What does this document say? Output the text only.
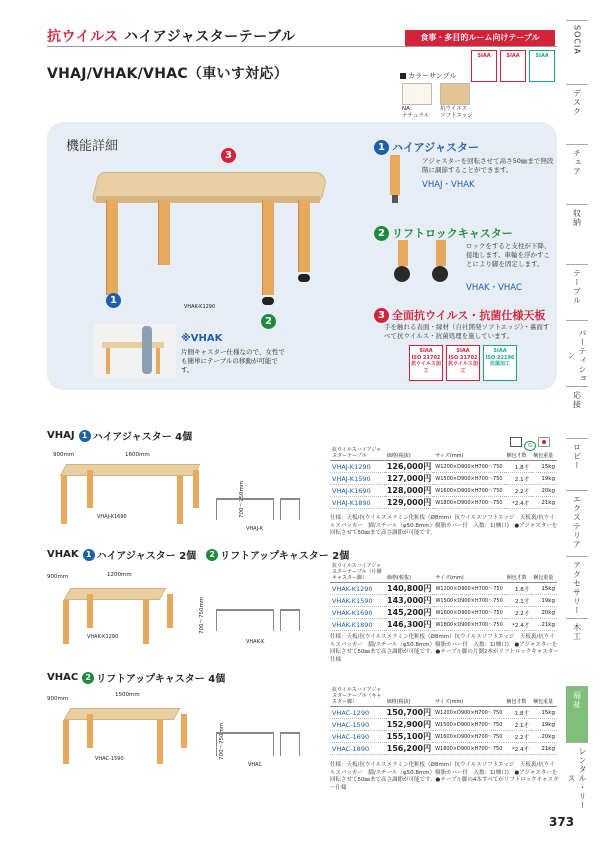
抗ウイルス ハイアジャスターテーブル	食事・多目的ルーム向けテーブル
VHAJ/VHAK/VHAC（車いす対応）	カラーサンプル
NA：
ナチュラル
抗ウイルス
ソフトエッジ
SIAA	SIAA	SIAA
機能詳細
3
1
2
VHAK-K1290
※VHAK
片側キャスター仕様なので、女性でも簡単にテーブルの移動が可能です。
1 ハイアジャスター
アジャスターを回転させて高さ50㎜まで無段階に調節することができます。
VHAJ・VHAK
2 リフトロックキャスター
ロックをすると支柱が下降、接地します。車輪を浮かすことにより脚を固定します。
VHAK・VHAC
3 全面抗ウイルス・抗菌仕様天板
手を触れる表面・縁材（自社開発ソフトエッジ）・裏面すべて抗ウイルス・抗菌処理を施しています。
SIAA
ISO 21702
抗ウイルス加工
SIAA
ISO 21702
抗ウイルス加工
SIAA
ISO 22196
抗菌加工
VHAJ 1 ハイアジャスター 4個
900mm	1600mm
VHAJ-K1690	700〜750mm
VHAJ-K
G
抗ウイルスハイアジャスターテーブル	価格(税抜)	サイズ(mm)	梱包才数	梱包重量
VHAJ-K1290	126,000円	W1200×D900×H700〜750	1.8才	15kg
VHAJ-K1590	127,000円	W1500×D900×H700〜750	2.1才	19kg
VHAJ-K1690	128,000円	W1600×D900×H700〜750	2.2才	20kg
VHAJ-K1890	129,000円	W1800×D900×H700〜750	*2.4才	21kg
仕様：天板/抗ウイルスメラミン化粧板（Ø8mm）抗ウイルスソフトエッジ　天板裏/抗ウイルスバッカー　脚/スチール（φ50.8mm）樹脂カバー付　入数：1(梱口)　●アジャスターを回転させて50㎜まで高さ調節が可能です。
VHAK 1 ハイアジャスター 2個 2 リフトアップキャスター 2個
900mm	1200mm
VHAK-K1290
700〜750mm
VHAK-K
抗ウイルスハイアジャスターテーブル（片側キャスター脚）	価格(税抜)	サイズ(mm)	梱包才数	梱包重量
VHAK-K1290	140,800円	W1200×D900×H700〜750	1.8才	15kg
VHAK-K1590	143,000円	W1500×D900×H700〜750	2.1才	19kg
VHAK-K1690	145,200円	W1600×D900×H700〜750	2.2才	20kg
VHAK-K1890	146,300円	W1800×D900×H700〜750	*2.4才	21kg
仕様：天板/抗ウイルスメラミン化粧板（Ø8mm）抗ウイルスソフトエッジ　天板裏/抗ウイルスバッカー　脚/スチール（φ50.8mm）樹脂カバー付　入数：1(梱口)　●アジャスターを回転させて50㎜まで高さ調節が可能です。●テーブル脚の片側2本がリフトロックキャスター仕様
VHAC 2 リフトアップキャスター 4個
900mm
1500mm
VHAC-1590	700〜750mm
VHAC
抗ウイルスハイアジャスターテーブル（キャスター脚）	価格(税抜)	サイズ(mm)	梱包才数	梱包重量
VHAC-1290	150,700円	W1200×D900×H700〜750	1.8才	15kg
VHAC-1590	152,900円	W1500×D900×H700〜750	2.1才	19kg
VHAC-1690	155,100円	W1600×D900×H700〜750	2.2才	20kg
VHAC-1890	156,200円	W1800×D900×H700〜750	*2.4才	21kg
仕様：天板/抗ウイルスメラミン化粧板（Ø8mm）抗ウイルスソフトエッジ　天板裏/抗ウイルスバッカー　脚/スチール（φ50.8mm）樹脂カバー付　入数：1(梱口)　●アジャスターを回転させて50㎜まで高さ調節が可能です。●テーブル脚の4本すべてがリフトロックキャスター仕様
SOCIA
デスク
チェア
収納
テーブル
パーティション
応接
ロビー
エクステリア
アクセサリー
木工
福祉
レンタル・リース
373
